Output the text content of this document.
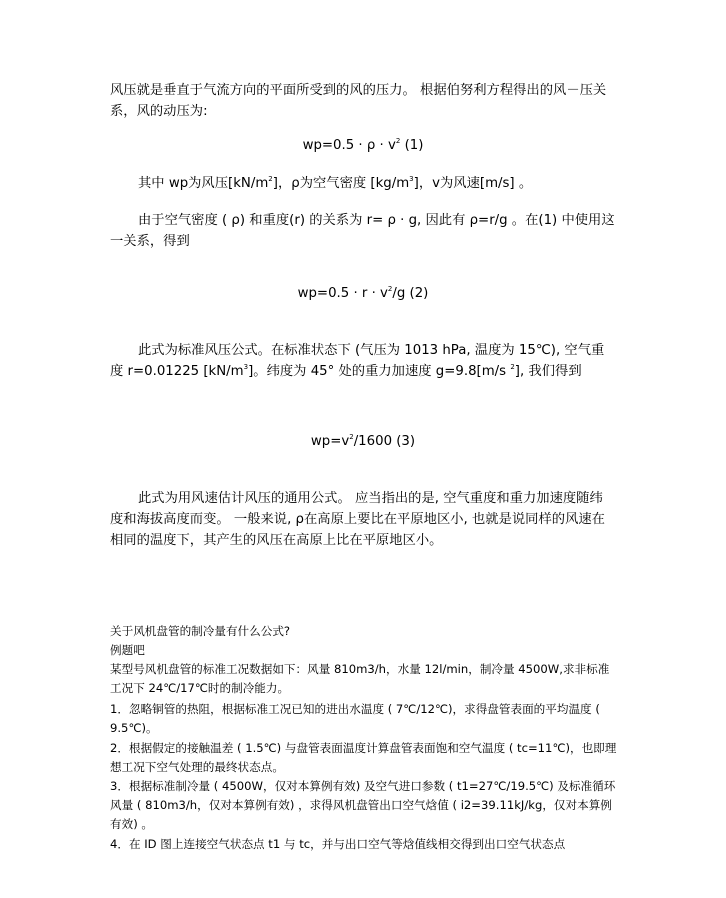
风压就是垂直于气流方向的平面所受到的风的压力。 根据伯努利方程得出的风－压关系，风的动压为:

$wp=0.5 \cdot \rho \cdot v^2$ (1)

其中 wp为风压$[kN/m^2]$，ρ为空气密度 $[kg/m^3]$，v为风速[m/s] 。

由于空气密度 ( ρ) 和重度(r) 的关系为 r= ρ · g, 因此有 ρ=r/g 。在(1) 中使用这一关系，得到

$wp=0.5 \cdot r \cdot v^2/g$ (2)

此式为标准风压公式。在标准状态下 (气压为 1013 hPa, 温度为 15℃), 空气重度 r=0.01225 $[kN/m^3]$。纬度为 45° 处的重力加速度 g=9.8[m/s $^2$], 我们得到

$wp=v^2/1600$ (3)

此式为用风速估计风压的通用公式。 应当指出的是, 空气重度和重力加速度随纬度和海拔高度而变。 一般来说, ρ在高原上要比在平原地区小, 也就是说同样的风速在相同的温度下，其产生的风压在高原上比在平原地区小。

关于风机盘管的制冷量有什么公式?

例题吧

某型号风机盘管的标准工况数据如下：风量 810m3/h，水量 12l/min，制冷量 4500W,求非标准工况下 24℃/17℃时的制冷能力。

1．忽略铜管的热阻，根据标准工况已知的进出水温度 ( 7℃/12℃)，求得盘管表面的平均温度 ( 9.5℃)。

2．根据假定的接触温差 ( 1.5℃) 与盘管表面温度计算盘管表面饱和空气温度 ( tc=11℃)，也即理想工况下空气处理的最终状态点。

3．根据标准制冷量 ( 4500W，仅对本算例有效) 及空气进口参数 ( t1=27℃/19.5℃) 及标准循环风量 ( 810m3/h，仅对本算例有效) ，求得风机盘管出口空气焓值 ( i2=39.11kJ/kg，仅对本算例有效) 。

4．在 ID 图上连接空气状态点 t1 与 tc，并与出口空气等焓值线相交得到出口空气状态点
